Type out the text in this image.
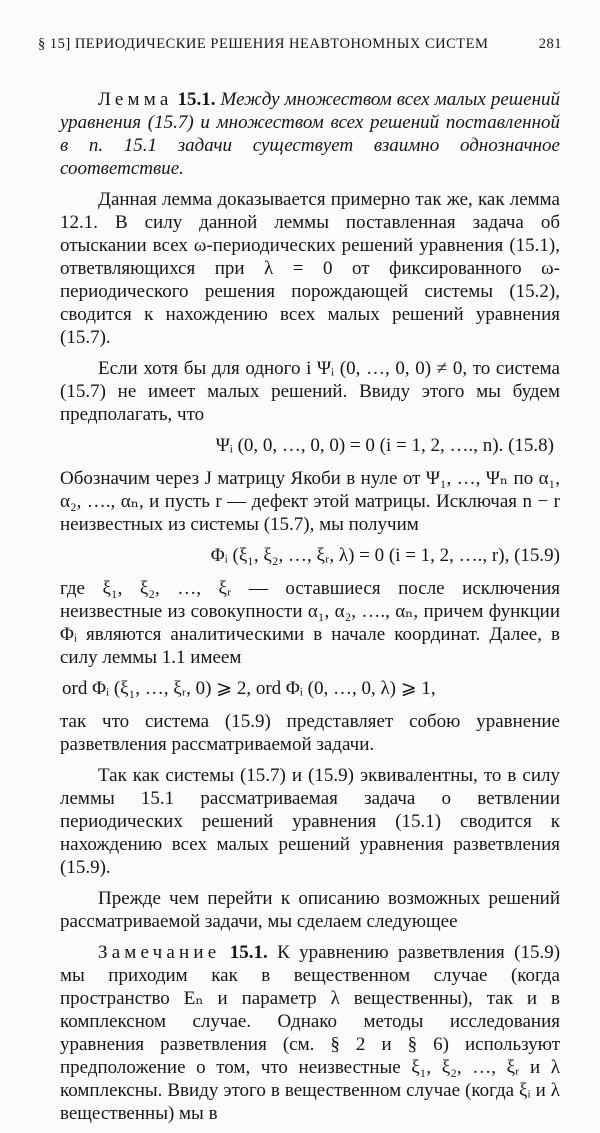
§ 15] ПЕРИОДИЧЕСКИЕ РЕШЕНИЯ НЕАВТОНОМНЫХ СИСТЕМ	281

Лемма 15.1. Между множеством всех малых решений уравнения (15.7) и множеством всех решений поставленной в п. 15.1 задачи существует взаимно однозначное соответствие.

Данная лемма доказывается примерно так же, как лемма 12.1. В силу данной леммы поставленная задача об отыскании всех ω-периодических решений уравнения (15.1), ответвляющихся при λ = 0 от фиксированного ω-периодического решения порождающей системы (15.2), сводится к нахождению всех малых решений уравнения (15.7).

Если хотя бы для одного i Ψᵢ (0, …, 0, 0) ≠ 0, то система (15.7) не имеет малых решений. Ввиду этого мы будем предполагать, что

Ψᵢ (0, 0, …, 0, 0) = 0 (i = 1, 2, …., n). (15.8)

Обозначим через J матрицу Якоби в нуле от Ψ₁, …, Ψₙ по α₁, α₂, …., αₙ, и пусть r — дефект этой матрицы. Исключая n − r неизвестных из системы (15.7), мы получим

Φᵢ (ξ₁, ξ₂, …, ξᵣ, λ) = 0 (i = 1, 2, …., r), (15.9)

где ξ₁, ξ₂, …, ξᵣ — оставшиеся после исключения неизвестные из совокупности α₁, α₂, …., αₙ, причем функции Φᵢ являются аналитическими в начале координат. Далее, в силу леммы 1.1 имеем

ord Φᵢ (ξ₁, …, ξᵣ, 0) ⩾ 2, ord Φᵢ (0, …, 0, λ) ⩾ 1,

так что система (15.9) представляет собою уравнение разветвления рассматриваемой задачи.

Так как системы (15.7) и (15.9) эквивалентны, то в силу леммы 15.1 рассматриваемая задача о ветвлении периодических решений уравнения (15.1) сводится к нахождению всех малых решений уравнения разветвления (15.9).

Прежде чем перейти к описанию возможных решений рассматриваемой задачи, мы сделаем следующее

Замечание 15.1. К уравнению разветвления (15.9) мы приходим как в вещественном случае (когда пространство Eₙ и параметр λ вещественны), так и в комплексном случае. Однако методы исследования уравнения разветвления (см. § 2 и § 6) используют предположение о том, что неизвестные ξ₁, ξ₂, …, ξᵣ и λ комплексны. Ввиду этого в вещественном случае (когда ξᵢ и λ вещественны) мы в
